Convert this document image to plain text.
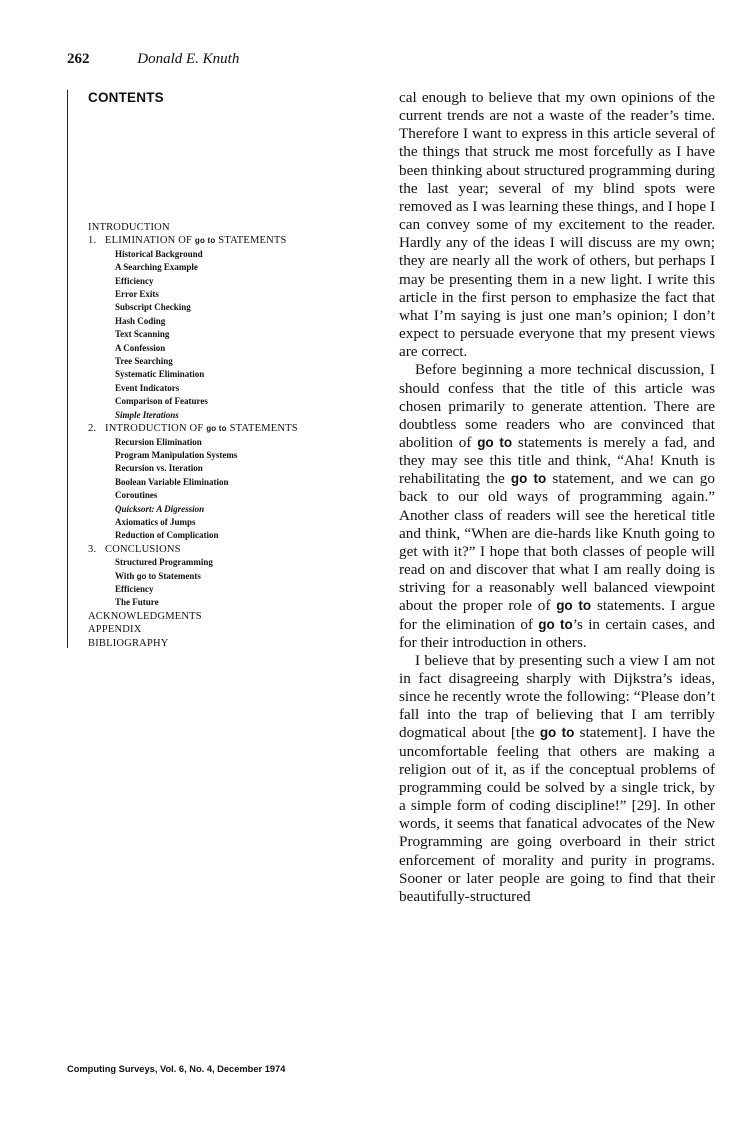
262	Donald E. Knuth
CONTENTS
INTRODUCTION
1. ELIMINATION OF go to STATEMENTS
Historical Background
A Searching Example
Efficiency
Error Exits
Subscript Checking
Hash Coding
Text Scanning
A Confession
Tree Searching
Systematic Elimination
Event Indicators
Comparison of Features
Simple Iterations
2. INTRODUCTION OF go to STATEMENTS
Recursion Elimination
Program Manipulation Systems
Recursion vs. Iteration
Boolean Variable Elimination
Coroutines
Quicksort: A Digression
Axiomatics of Jumps
Reduction of Complication
3. CONCLUSIONS
Structured Programming
With go to Statements
Efficiency
The Future
ACKNOWLEDGMENTS
APPENDIX
BIBLIOGRAPHY

cal enough to believe that my own opinions of the current trends are not a waste of the reader’s time. Therefore I want to express in this article several of the things that struck me most forcefully as I have been thinking about structured programming during the last year; several of my blind spots were removed as I was learning these things, and I hope I can convey some of my excitement to the reader. Hardly any of the ideas I will discuss are my own; they are nearly all the work of others, but perhaps I may be presenting them in a new light. I write this article in the first person to emphasize the fact that what I’m saying is just one man’s opinion; I don’t expect to persuade everyone that my present views are correct.

Before beginning a more technical discussion, I should confess that the title of this article was chosen primarily to generate attention. There are doubtless some readers who are convinced that abolition of go to statements is merely a fad, and they may see this title and think, “Aha! Knuth is rehabilitating the go to statement, and we can go back to our old ways of programming again.” Another class of readers will see the heretical title and think, “When are die-hards like Knuth going to get with it?” I hope that both classes of people will read on and discover that what I am really doing is striving for a reasonably well balanced viewpoint about the proper role of go to statements. I argue for the elimination of go to’s in certain cases, and for their introduction in others.

I believe that by presenting such a view I am not in fact disagreeing sharply with Dijkstra’s ideas, since he recently wrote the following: “Please don’t fall into the trap of believing that I am terribly dogmatical about [the go to statement]. I have the uncomfortable feeling that others are making a religion out of it, as if the conceptual problems of programming could be solved by a single trick, by a simple form of coding discipline!” [29]. In other words, it seems that fanatical advocates of the New Programming are going overboard in their strict enforcement of morality and purity in programs. Sooner or later people are going to find that their beautifully-structured

Computing Surveys, Vol. 6, No. 4, December 1974
